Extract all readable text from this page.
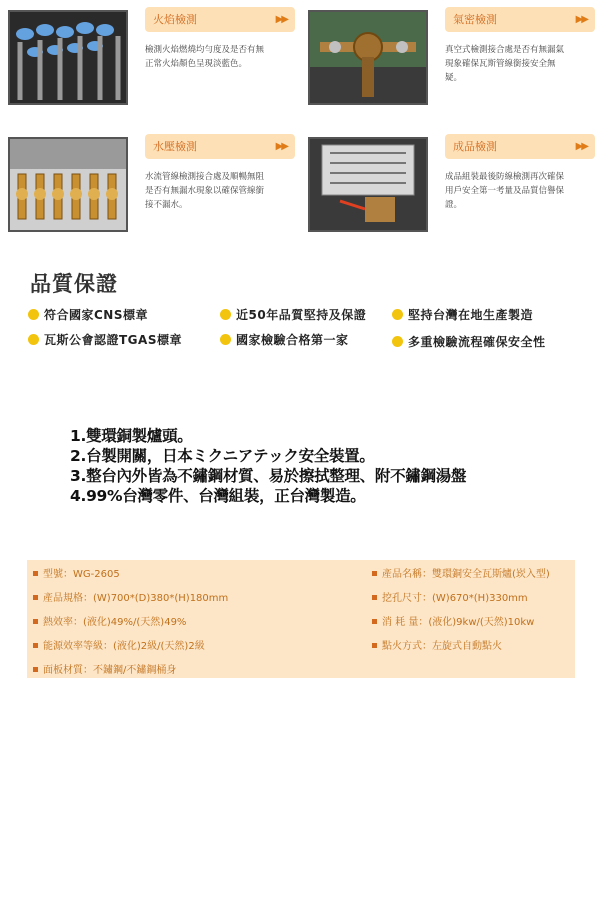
火焰檢測	▶▶
檢測火焰燃燒均勻度及是否有無
正常火焰顏色呈現淡藍色。
氣密檢測	▶▶
真空式檢測接合處是否有無漏氣
現象確保瓦斯管線銜接安全無
疑。
水壓檢測	▶▶
水流管線檢測接合處及順暢無阻
是否有無漏水現象以確保管線銜
接不漏水。
成品檢測	▶▶
成品組裝最後防線檢測再次確保
用戶安全第一考量及品質信譽保
證。
品質保證
符合國家CNS標章	近50年品質堅持及保證	堅持台灣在地生產製造
瓦斯公會認證TGAS標章	國家檢驗合格第一家	多重檢驗流程確保安全性
1.雙環銅製爐頭。
2.台製開關，日本ミクニアテック安全裝置。
3.整台內外皆為不鏽鋼材質、易於擦拭整理、附不鏽鋼湯盤
4.99%台灣零件、台灣組裝，正台灣製造。
型號：WG-2605	產品名稱：雙環銅安全瓦斯爐(崁入型)
產品規格：(W)700*(D)380*(H)180mm	挖孔尺寸：(W)670*(H)330mm
熱效率：(液化)49%/(天然)49%	消 耗 量：(液化)9kw/(天然)10kw
能源效率等級：(液化)2級/(天然)2級	點火方式：左旋式自動點火
面板材質：不鏽鋼/不鏽鋼桶身
